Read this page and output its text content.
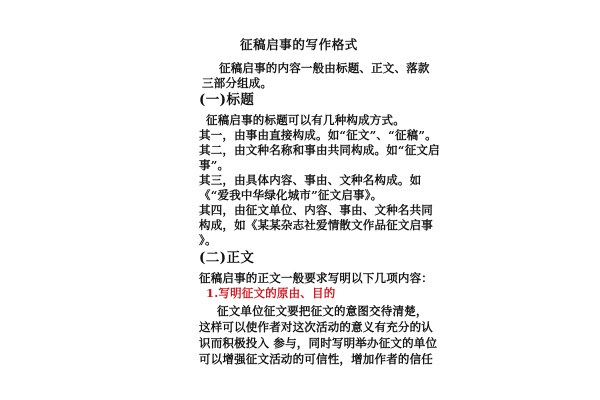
征稿启事的写作格式
征稿启事的内容一般由标题、正文、落款
三部分组成。
(一)标题
征稿启事的标题可以有几种构成方式。
其一，由事由直接构成。如“征文”、“征稿”。
其二，由文种名称和事由共同构成。如“征文启
事”。
其三，由具体内容、事由、文种名构成。如
《“爱我中华绿化城市”征文启事》。
其四，由征文单位、内容、事由、文种名共同
构成，如《某某杂志社爱情散文作品征文启事
》。
(二)正文
征稿启事的正文一般要求写明以下几项内容：
1.写明征文的原由、目的
征文单位征文要把征文的意图交待清楚，
这样可以使作者对这次活动的意义有充分的认
识而积极投入 参与，同时写明举办征文的单位
可以增强征文活动的可信性，增加作者的信任
